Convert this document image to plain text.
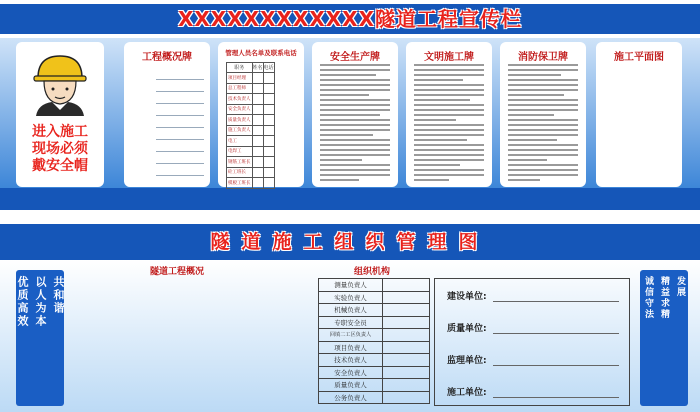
XXXXXXXXXXXX隧道工程宣传栏
进入施工
现场必须
戴安全帽
工程概况牌	管理人员名单及联系电话
职务	姓名	电话
项目经理		
总工程师		
技术负责人		
安全负责人		
质量负责人		
施工负责人		
电工		
电焊工		
钢筋工班长		
砼工班长		
模板工班长		
安全生产牌	文明施工牌	消防保卫牌	施工平面图
隧道施工组织管理图
优质高效 以人为本 共和谐
隧道工程概况	组织机构
测量负责人	
实验负责人	
机械负责人	
专职安全员	
回填二工区负责人	
项目负责人	
技术负责人	
安全负责人	
质量负责人	
公务负责人	
建设单位:
质量单位:
监理单位:
施工单位:
诚信守法 精益求精 发展
